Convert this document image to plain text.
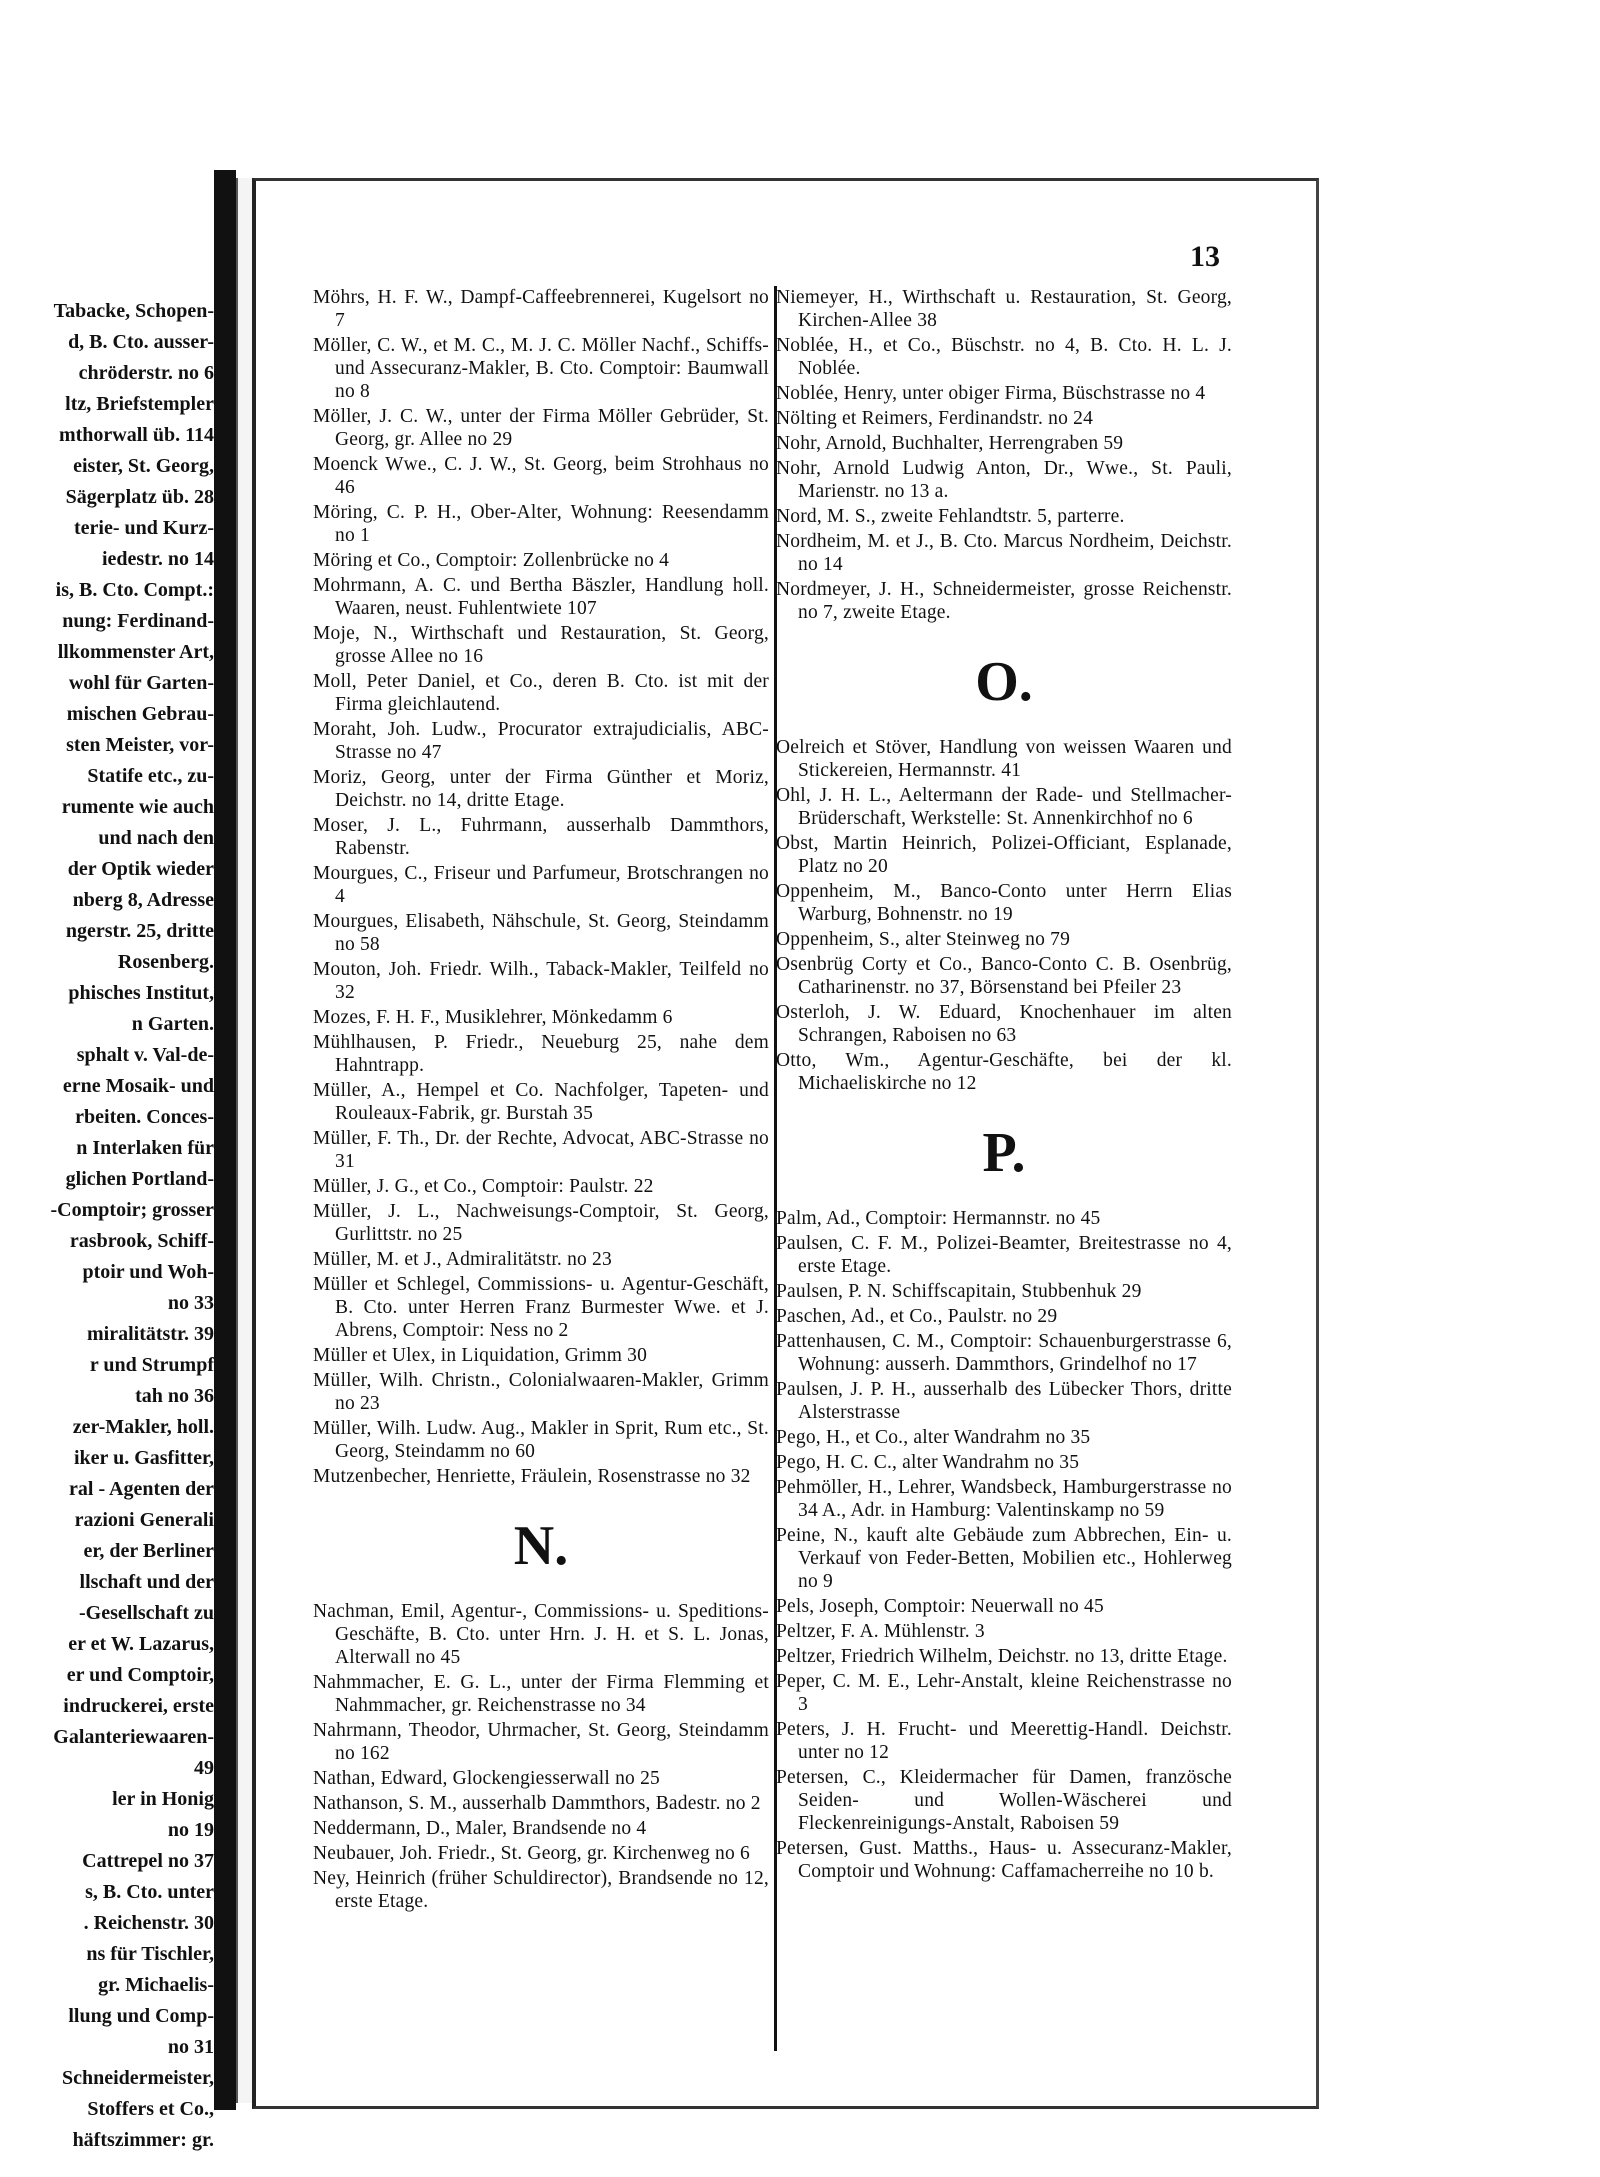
Tabacke, Schopen-
d, B. Cto. ausser-
chröderstr. no 6
ltz, Briefstempler
mthorwall üb. 114
eister, St. Georg,
Sägerplatz üb. 28
terie- und Kurz-
iedestr. no 14
is, B. Cto. Compt.:
nung: Ferdinand-
llkommenster Art,
wohl für Garten-
mischen Gebrau-
sten Meister, vor-
Statife etc., zu-
rumente wie auch
und nach den
der Optik wieder
nberg 8, Adresse
ngerstr. 25, dritte
Rosenberg.
phisches Institut,
n Garten.
sphalt v. Val-de-
erne Mosaik- und
rbeiten. Conces-
n Interlaken für
glichen Portland-
-Comptoir; grosser
rasbrook, Schiff-
ptoir und Woh-
no 33
miralitätstr. 39
r und Strumpf
tah no 36
zer-Makler, holl.
iker u. Gasfitter,
ral - Agenten der
razioni Generali
er, der Berliner
llschaft und der
-Gesellschaft zu
er et W. Lazarus,
er und Comptoir,
indruckerei, erste
Galanteriewaaren-
49
ler in Honig
no 19
Cattrepel no 37
s, B. Cto. unter
. Reichenstr. 30
ns für Tischler,
gr. Michaelis-
llung und Comp-
no 31
Schneidermeister,
Stoffers et Co.,
häftszimmer: gr.
13
Möhrs, H. F. W., Dampf-Caffeebrennerei, Kugelsort no 7
Möller, C. W., et M. C., M. J. C. Möller Nachf., Schiffs- und Assecuranz-Makler, B. Cto. Comptoir: Baumwall no 8
Möller, J. C. W., unter der Firma Möller Gebrüder, St. Georg, gr. Allee no 29
Moenck Wwe., C. J. W., St. Georg, beim Strohhaus no 46
Möring, C. P. H., Ober-Alter, Wohnung: Reesendamm no 1
Möring et Co., Comptoir: Zollenbrücke no 4
Mohrmann, A. C. und Bertha Bäszler, Handlung holl. Waaren, neust. Fuhlentwiete 107
Moje, N., Wirthschaft und Restauration, St. Georg, grosse Allee no 16
Moll, Peter Daniel, et Co., deren B. Cto. ist mit der Firma gleichlautend.
Moraht, Joh. Ludw., Procurator extrajudicialis, ABC-Strasse no 47
Moriz, Georg, unter der Firma Günther et Moriz, Deichstr. no 14, dritte Etage.
Moser, J. L., Fuhrmann, ausserhalb Dammthors, Rabenstr.
Mourgues, C., Friseur und Parfumeur, Brotschrangen no 4
Mourgues, Elisabeth, Nähschule, St. Georg, Steindamm no 58
Mouton, Joh. Friedr. Wilh., Taback-Makler, Teilfeld no 32
Mozes, F. H. F., Musiklehrer, Mönkedamm 6
Mühlhausen, P. Friedr., Neueburg 25, nahe dem Hahntrapp.
Müller, A., Hempel et Co. Nachfolger, Tapeten- und Rouleaux-Fabrik, gr. Burstah 35
Müller, F. Th., Dr. der Rechte, Advocat, ABC-Strasse no 31
Müller, J. G., et Co., Comptoir: Paulstr. 22
Müller, J. L., Nachweisungs-Comptoir, St. Georg, Gurlittstr. no 25
Müller, M. et J., Admiralitätstr. no 23
Müller et Schlegel, Commissions- u. Agentur-Geschäft, B. Cto. unter Herren Franz Burmester Wwe. et J. Abrens, Comptoir: Ness no 2
Müller et Ulex, in Liquidation, Grimm 30
Müller, Wilh. Christn., Colonialwaaren-Makler, Grimm no 23
Müller, Wilh. Ludw. Aug., Makler in Sprit, Rum etc., St. Georg, Steindamm no 60
Mutzenbecher, Henriette, Fräulein, Rosenstrasse no 32
N.
Nachman, Emil, Agentur-, Commissions- u. Speditions-Geschäfte, B. Cto. unter Hrn. J. H. et S. L. Jonas, Alterwall no 45
Nahmmacher, E. G. L., unter der Firma Flemming et Nahmmacher, gr. Reichenstrasse no 34
Nahrmann, Theodor, Uhrmacher, St. Georg, Steindamm no 162
Nathan, Edward, Glockengiesserwall no 25
Nathanson, S. M., ausserhalb Dammthors, Badestr. no 2
Neddermann, D., Maler, Brandsende no 4
Neubauer, Joh. Friedr., St. Georg, gr. Kirchenweg no 6
Ney, Heinrich (früher Schuldirector), Brandsende no 12, erste Etage.
Niemeyer, H., Wirthschaft u. Restauration, St. Georg, Kirchen-Allee 38
Noblée, H., et Co., Büschstr. no 4, B. Cto. H. L. J. Noblée.
Noblée, Henry, unter obiger Firma, Büschstrasse no 4
Nölting et Reimers, Ferdinandstr. no 24
Nohr, Arnold, Buchhalter, Herrengraben 59
Nohr, Arnold Ludwig Anton, Dr., Wwe., St. Pauli, Marienstr. no 13 a.
Nord, M. S., zweite Fehlandtstr. 5, parterre.
Nordheim, M. et J., B. Cto. Marcus Nordheim, Deichstr. no 14
Nordmeyer, J. H., Schneidermeister, grosse Reichenstr. no 7, zweite Etage.
O.
Oelreich et Stöver, Handlung von weissen Waaren und Stickereien, Hermannstr. 41
Ohl, J. H. L., Aeltermann der Rade- und Stellmacher-Brüderschaft, Werkstelle: St. Annenkirchhof no 6
Obst, Martin Heinrich, Polizei-Officiant, Esplanade, Platz no 20
Oppenheim, M., Banco-Conto unter Herrn Elias Warburg, Bohnenstr. no 19
Oppenheim, S., alter Steinweg no 79
Osenbrüg Corty et Co., Banco-Conto C. B. Osenbrüg, Catharinenstr. no 37, Börsenstand bei Pfeiler 23
Osterloh, J. W. Eduard, Knochenhauer im alten Schrangen, Raboisen no 63
Otto, Wm., Agentur-Geschäfte, bei der kl. Michaeliskirche no 12
P.
Palm, Ad., Comptoir: Hermannstr. no 45
Paulsen, C. F. M., Polizei-Beamter, Breitestrasse no 4, erste Etage.
Paulsen, P. N. Schiffscapitain, Stubbenhuk 29
Paschen, Ad., et Co., Paulstr. no 29
Pattenhausen, C. M., Comptoir: Schauenburgerstrasse 6, Wohnung: ausserh. Dammthors, Grindelhof no 17
Paulsen, J. P. H., ausserhalb des Lübecker Thors, dritte Alsterstrasse
Pego, H., et Co., alter Wandrahm no 35
Pego, H. C. C., alter Wandrahm no 35
Pehmöller, H., Lehrer, Wandsbeck, Hamburgerstrasse no 34 A., Adr. in Hamburg: Valentinskamp no 59
Peine, N., kauft alte Gebäude zum Abbrechen, Ein- u. Verkauf von Feder-Betten, Mobilien etc., Hohlerweg no 9
Pels, Joseph, Comptoir: Neuerwall no 45
Peltzer, F. A. Mühlenstr. 3
Peltzer, Friedrich Wilhelm, Deichstr. no 13, dritte Etage.
Peper, C. M. E., Lehr-Anstalt, kleine Reichenstrasse no 3
Peters, J. H. Frucht- und Meerettig-Handl. Deichstr. unter no 12
Petersen, C., Kleidermacher für Damen, französche Seiden- und Wollen-Wäscherei und Fleckenreinigungs-Anstalt, Raboisen 59
Petersen, Gust. Matths., Haus- u. Assecuranz-Makler, Comptoir und Wohnung: Caffamacherreihe no 10 b.
